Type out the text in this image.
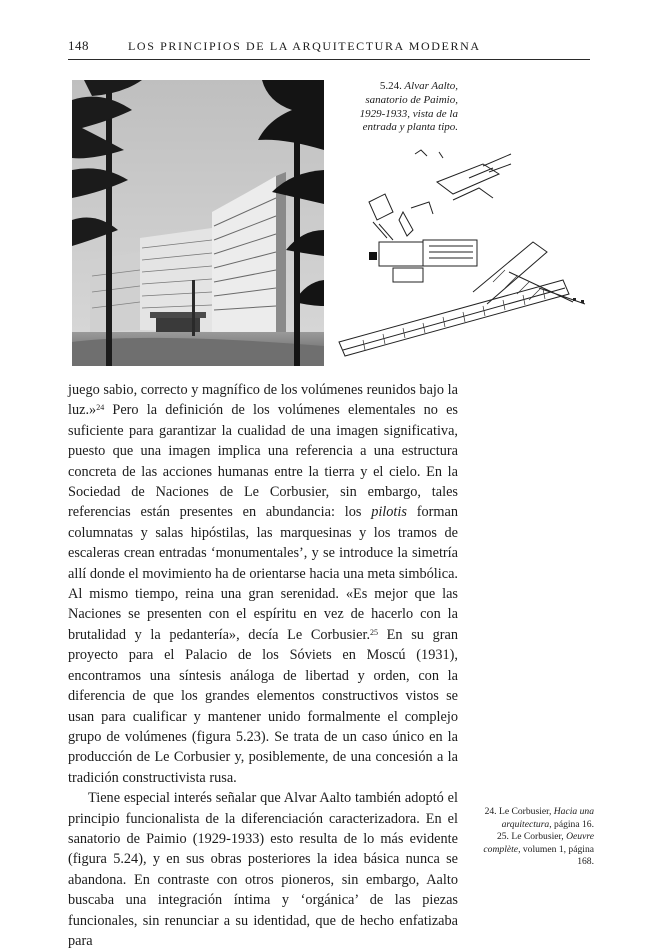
148	LOS PRINCIPIOS DE LA ARQUITECTURA MODERNA
5.24. Alvar Aalto, sanatorio de Paimio, 1929-1933, vista de la entrada y planta tipo.

juego sabio, correcto y magnífico de los volúmenes reunidos bajo la luz.»$^{24}$ Pero la definición de los volúmenes elementales no es suficiente para garantizar la cualidad de una imagen significativa, puesto que una imagen implica una referencia a una estructura concreta de las acciones humanas entre la tierra y el cielo. En la Sociedad de Naciones de Le Corbusier, sin embargo, tales referencias están presentes en abundancia: los pilotis forman columnatas y salas hipóstilas, las marquesinas y los tramos de escaleras crean entradas ‘monumentales’, y se introduce la simetría allí donde el movimiento ha de orientarse hacia una meta simbólica. Al mismo tiempo, reina una gran serenidad. «Es mejor que las Naciones se presenten con el espíritu en vez de hacerlo con la brutalidad y la pedantería», decía Le Corbusier.$^{25}$ En su gran proyecto para el Palacio de los Sóviets en Moscú (1931), encontramos una síntesis análoga de libertad y orden, con la diferencia de que los grandes elementos constructivos vistos se usan para cualificar y mantener unido formalmente el complejo grupo de volúmenes (figura 5.23). Se trata de un caso único en la producción de Le Corbusier y, posiblemente, de una concesión a la tradición constructivista rusa.

Tiene especial interés señalar que Alvar Aalto también adoptó el principio funcionalista de la diferenciación caracterizadora. En el sanatorio de Paimio (1929-1933) esto resulta de lo más evidente (figura 5.24), y en sus obras posteriores la idea básica nunca se abandona. En contraste con otros pioneros, sin embargo, Aalto buscaba una integración íntima y ‘orgánica’ de las piezas funcionales, sin renunciar a su identidad, que de hecho enfatizaba para

24. Le Corbusier, Hacia una arquitectura, página 16.

25. Le Corbusier, Oeuvre complète, volumen 1, página 168.
